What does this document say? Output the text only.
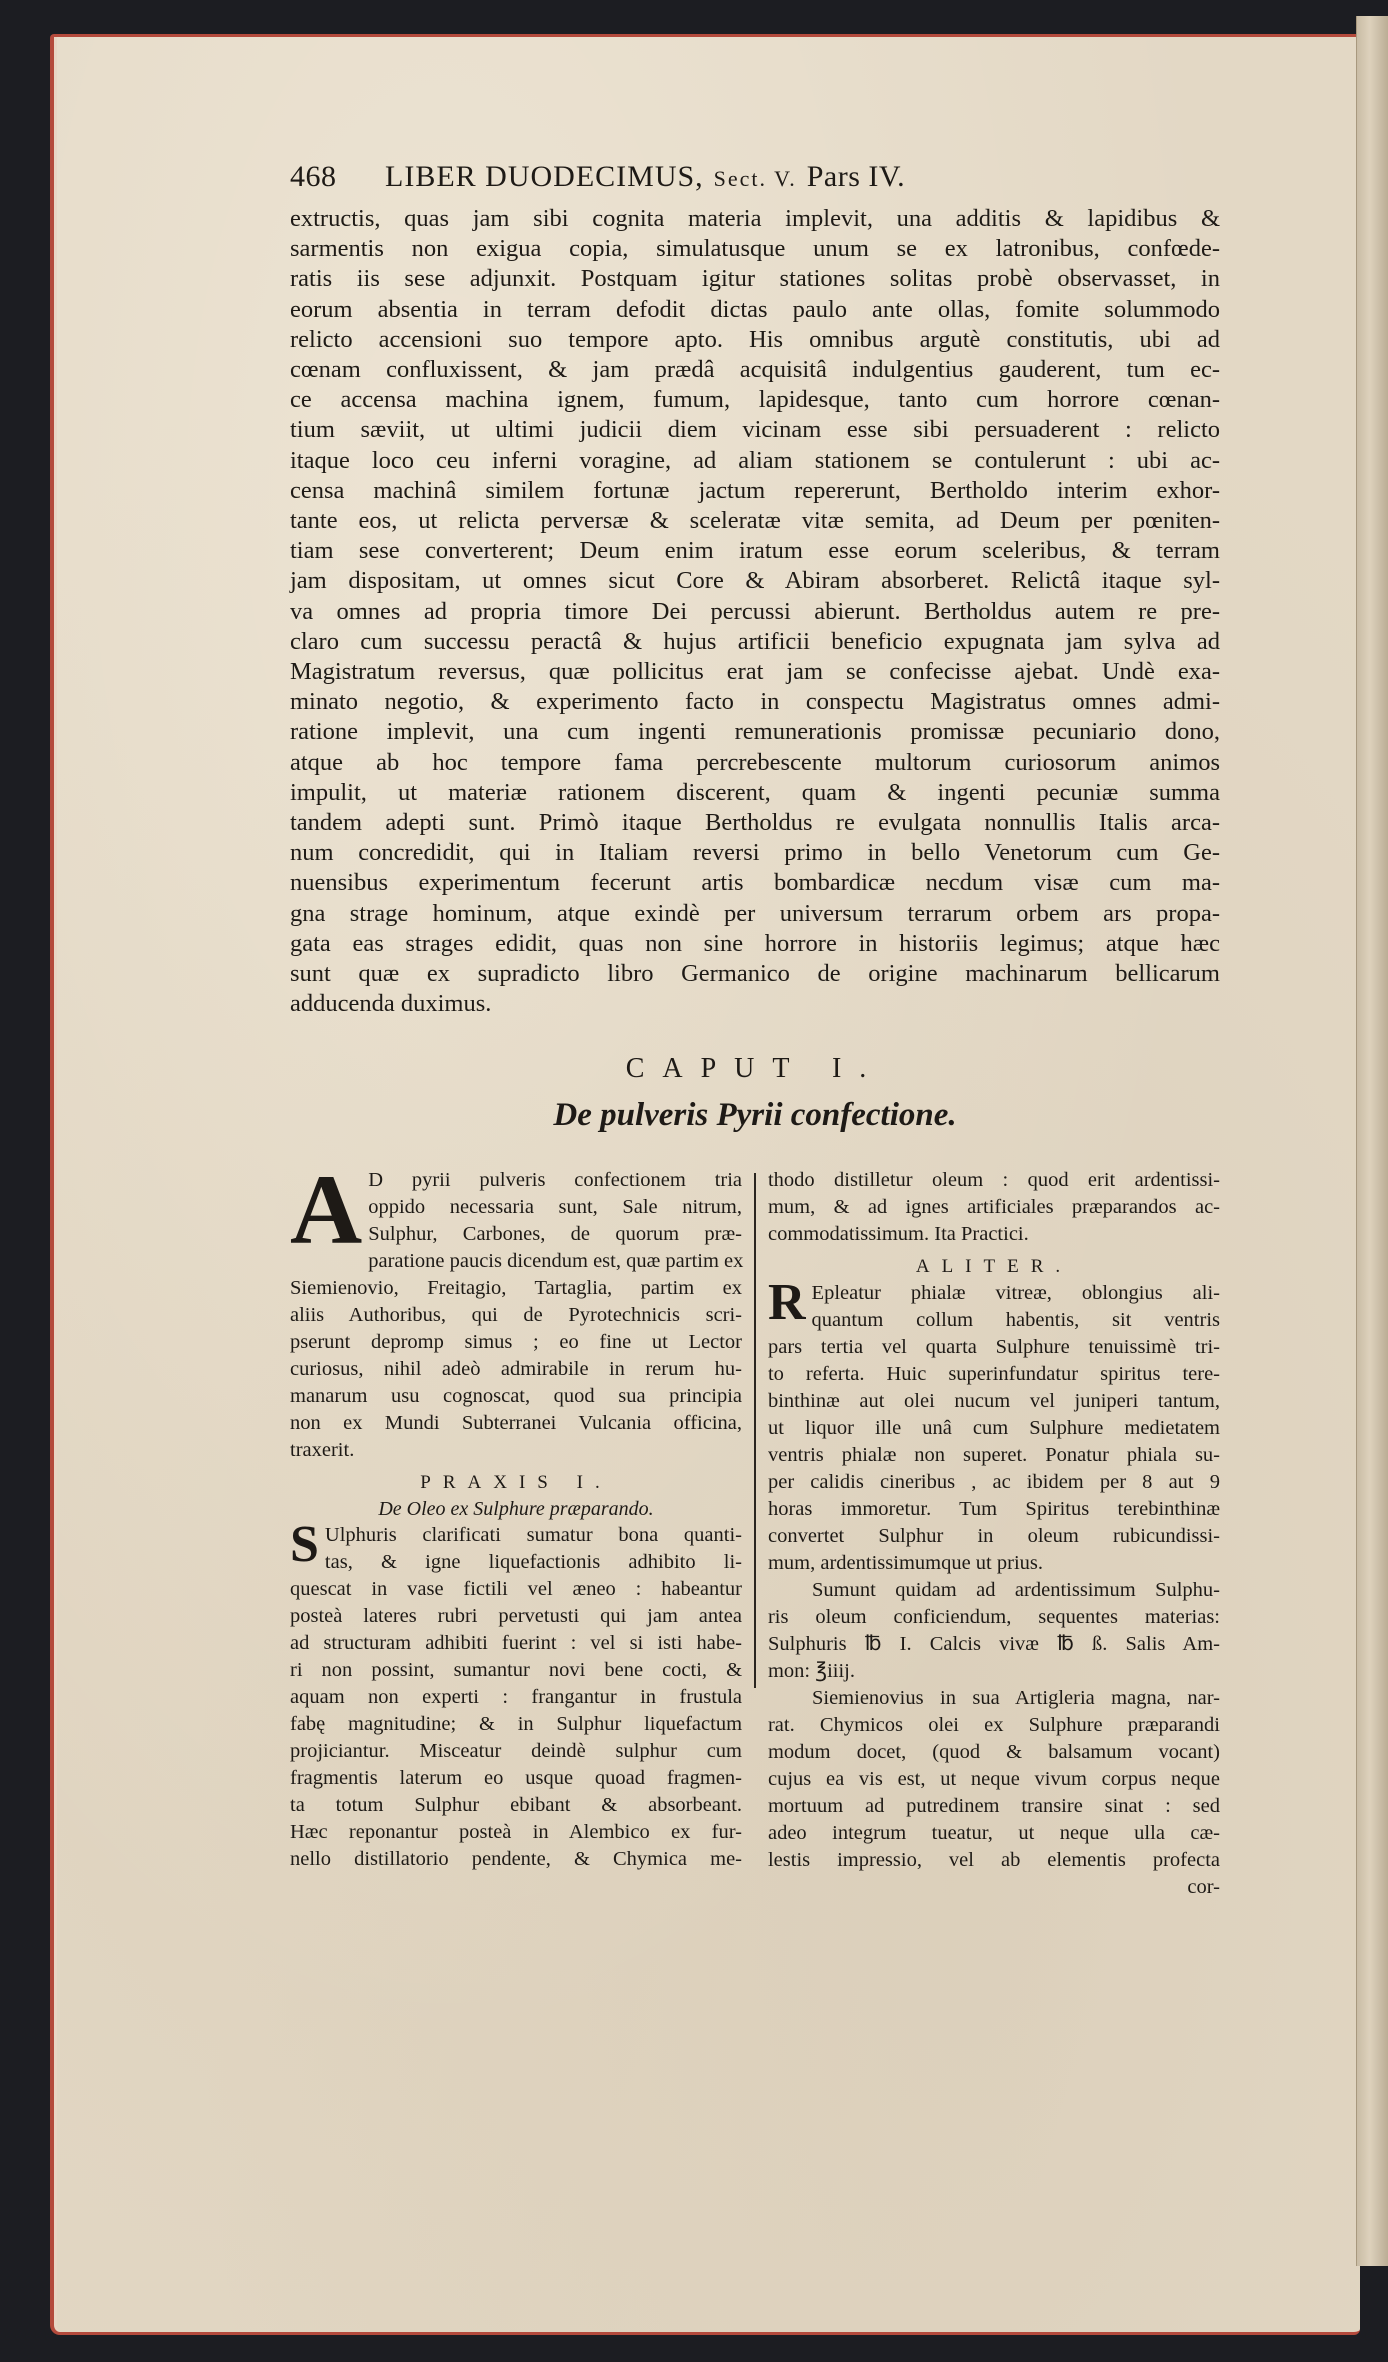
468	LIBER DUODECIMUS, Sect. V. Pars IV.

extructis, quas jam sibi cognita materia implevit, una additis & lapidibus &

sarmentis non exigua copia, simulatusque unum se ex latronibus, confœde-

ratis iis sese adjunxit. Postquam igitur stationes solitas probè observasset, in

eorum absentia in terram defodit dictas paulo ante ollas, fomite solummodo

relicto accensioni suo tempore apto. His omnibus argutè constitutis, ubi ad

cœnam confluxissent, & jam prædâ acquisitâ indulgentius gauderent, tum ec-

ce accensa machina ignem, fumum, lapidesque, tanto cum horrore cœnan-

tium sæviit, ut ultimi judicii diem vicinam esse sibi persuaderent : relicto

itaque loco ceu inferni voragine, ad aliam stationem se contulerunt : ubi ac-

censa machinâ similem fortunæ jactum repererunt, Bertholdo interim exhor-

tante eos, ut relicta perversæ & sceleratæ vitæ semita, ad Deum per pœniten-

tiam sese converterent; Deum enim iratum esse eorum sceleribus, & terram

jam dispositam, ut omnes sicut Core & Abiram absorberet. Relictâ itaque syl-

va omnes ad propria timore Dei percussi abierunt. Bertholdus autem re pre-

claro cum successu peractâ & hujus artificii beneficio expugnata jam sylva ad

Magistratum reversus, quæ pollicitus erat jam se confecisse ajebat. Undè exa-

minato negotio, & experimento facto in conspectu Magistratus omnes admi-

ratione implevit, una cum ingenti remunerationis promissæ pecuniario dono,

atque ab hoc tempore fama percrebescente multorum curiosorum animos

impulit, ut materiæ rationem discerent, quam & ingenti pecuniæ summa

tandem adepti sunt. Primò itaque Bertholdus re evulgata nonnullis Italis arca-

num concredidit, qui in Italiam reversi primo in bello Venetorum cum Ge-

nuensibus experimentum fecerunt artis bombardicæ necdum visæ cum ma-

gna strage hominum, atque exindè per universum terrarum orbem ars propa-

gata eas strages edidit, quas non sine horrore in historiis legimus; atque hæc

sunt quæ ex supradicto libro Germanico de origine machinarum bellicarum

adducenda duximus.

CAPUT I.
De pulveris Pyrii confectione.
A D pyrii pulveris confectionem tria

oppido necessaria sunt, Sale nitrum,

Sulphur, Carbones, de quorum præ-

paratione paucis dicendum est, quæ partim ex

Siemienovio, Freitagio, Tartaglia, partim ex

aliis Authoribus, qui de Pyrotechnicis scri-

pserunt depromp simus ; eo fine ut Lector

curiosus, nihil adeò admirabile in rerum hu-

manarum usu cognoscat, quod sua principia

non ex Mundi Subterranei Vulcania officina,

traxerit.

PRAXIS I.
De Oleo ex Sulphure præparando.
S Ulphuris clarificati sumatur bona quanti-

tas, & igne liquefactionis adhibito li-

quescat in vase fictili vel æneo : habeantur

posteà lateres rubri pervetusti qui jam antea

ad structuram adhibiti fuerint : vel si isti habe-

ri non possint, sumantur novi bene cocti, &

aquam non experti : frangantur in frustula

fabę magnitudine; & in Sulphur liquefactum

projiciantur. Misceatur deindè sulphur cum

fragmentis laterum eo usque quoad fragmen-

ta totum Sulphur ebibant & absorbeant.

Hæc reponantur posteà in Alembico ex fur-

nello distillatorio pendente, & Chymica me-

thodo distilletur oleum : quod erit ardentissi-

mum, & ad ignes artificiales præparandos ac-

commodatissimum. Ita Practici.

ALITER.
R Epleatur phialæ vitreæ, oblongius ali-

quantum collum habentis, sit ventris

pars tertia vel quarta Sulphure tenuissimè tri-

to referta. Huic superinfundatur spiritus tere-

binthinæ aut olei nucum vel juniperi tantum,

ut liquor ille unâ cum Sulphure medietatem

ventris phialæ non superet. Ponatur phiala su-

per calidis cineribus , ac ibidem per 8 aut 9

horas immoretur. Tum Spiritus terebinthinæ

convertet Sulphur in oleum rubicundissi-

mum, ardentissimumque ut prius.

Sumunt quidam ad ardentissimum Sulphu-

ris oleum conficiendum, sequentes materias:

Sulphuris ℔ I. Calcis vivæ ℔ ß. Salis Am-

mon: ℥iiij.

Siemienovius in sua Artigleria magna, nar-

rat. Chymicos olei ex Sulphure præparandi

modum docet, (quod & balsamum vocant)

cujus ea vis est, ut neque vivum corpus neque

mortuum ad putredinem transire sinat : sed

adeo integrum tueatur, ut neque ulla cæ-

lestis impressio, vel ab elementis profecta

cor-
